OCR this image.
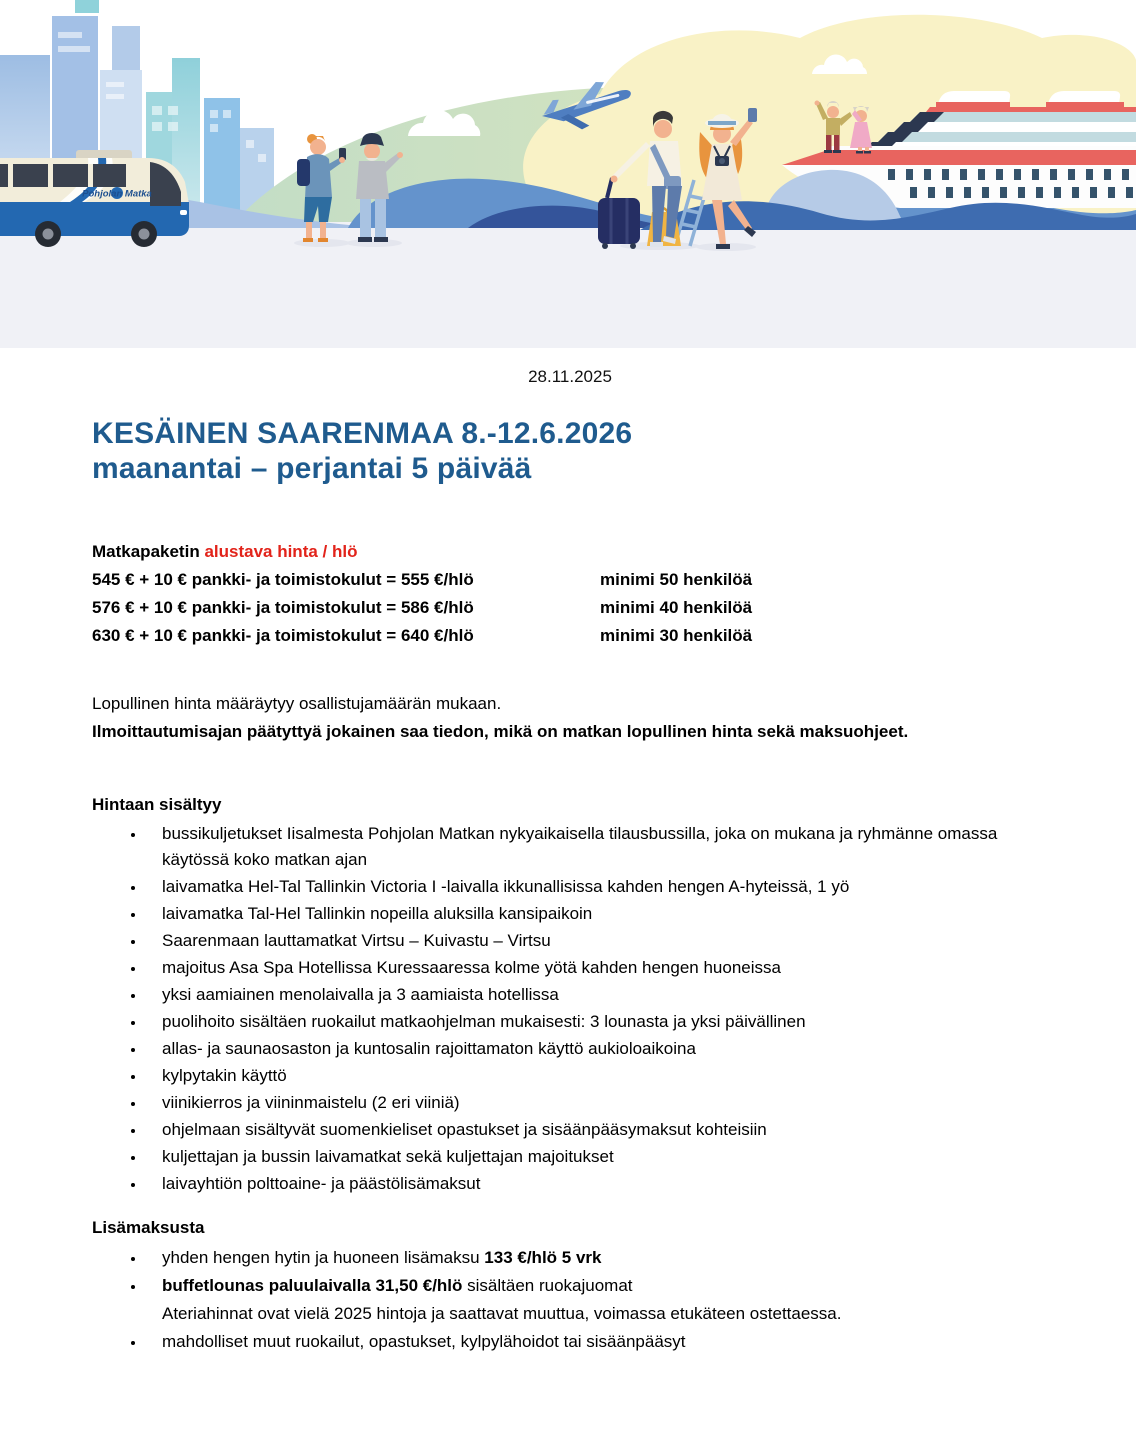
Pohjolan Matka
28.11.2025
KESÄINEN SAARENMAA 8.-12.6.2026
maanantai – perjantai 5 päivää
Matkapaketin alustava hinta / hlö
545 € + 10 € pankki- ja toimistokulut = 555 €/hlö	minimi 50 henkilöä
576 € + 10 € pankki- ja toimistokulut = 586 €/hlö	minimi 40 henkilöä
630 € + 10 € pankki- ja toimistokulut = 640 €/hlö	minimi 30 henkilöä
Lopullinen hinta määräytyy osallistujamäärän mukaan.
Ilmoittautumisajan päätyttyä jokainen saa tiedon, mikä on matkan lopullinen hinta sekä maksuohjeet.
Hintaan sisältyy
• bussikuljetukset Iisalmesta Pohjolan Matkan nykyaikaisella tilausbussilla, joka on mukana ja ryhmänne omassa käytössä koko matkan ajan
• laivamatka Hel-Tal Tallinkin Victoria I -laivalla ikkunallisissa kahden hengen A-hyteissä, 1 yö
• laivamatka Tal-Hel Tallinkin nopeilla aluksilla kansipaikoin
• Saarenmaan lauttamatkat Virtsu – Kuivastu – Virtsu
• majoitus Asa Spa Hotellissa Kuressaaressa kolme yötä kahden hengen huoneissa
• yksi aamiainen menolaivalla ja 3 aamiaista hotellissa
• puolihoito sisältäen ruokailut matkaohjelman mukaisesti: 3 lounasta ja yksi päivällinen
• allas- ja saunaosaston ja kuntosalin rajoittamaton käyttö aukioloaikoina
• kylpytakin käyttö
• viinikierros ja viininmaistelu (2 eri viiniä)
• ohjelmaan sisältyvät suomenkieliset opastukset ja sisäänpääsymaksut kohteisiin
• kuljettajan ja bussin laivamatkat sekä kuljettajan majoitukset
• laivayhtiön polttoaine- ja päästölisämaksut
Lisämaksusta
• yhden hengen hytin ja huoneen lisämaksu 133 €/hlö 5 vrk
• buffetlounas paluulaivalla 31,50 €/hlö sisältäen ruokajuomat
Ateriahinnat ovat vielä 2025 hintoja ja saattavat muuttua, voimassa etukäteen ostettaessa.
• mahdolliset muut ruokailut, opastukset, kylpylähoidot tai sisäänpääsyt
